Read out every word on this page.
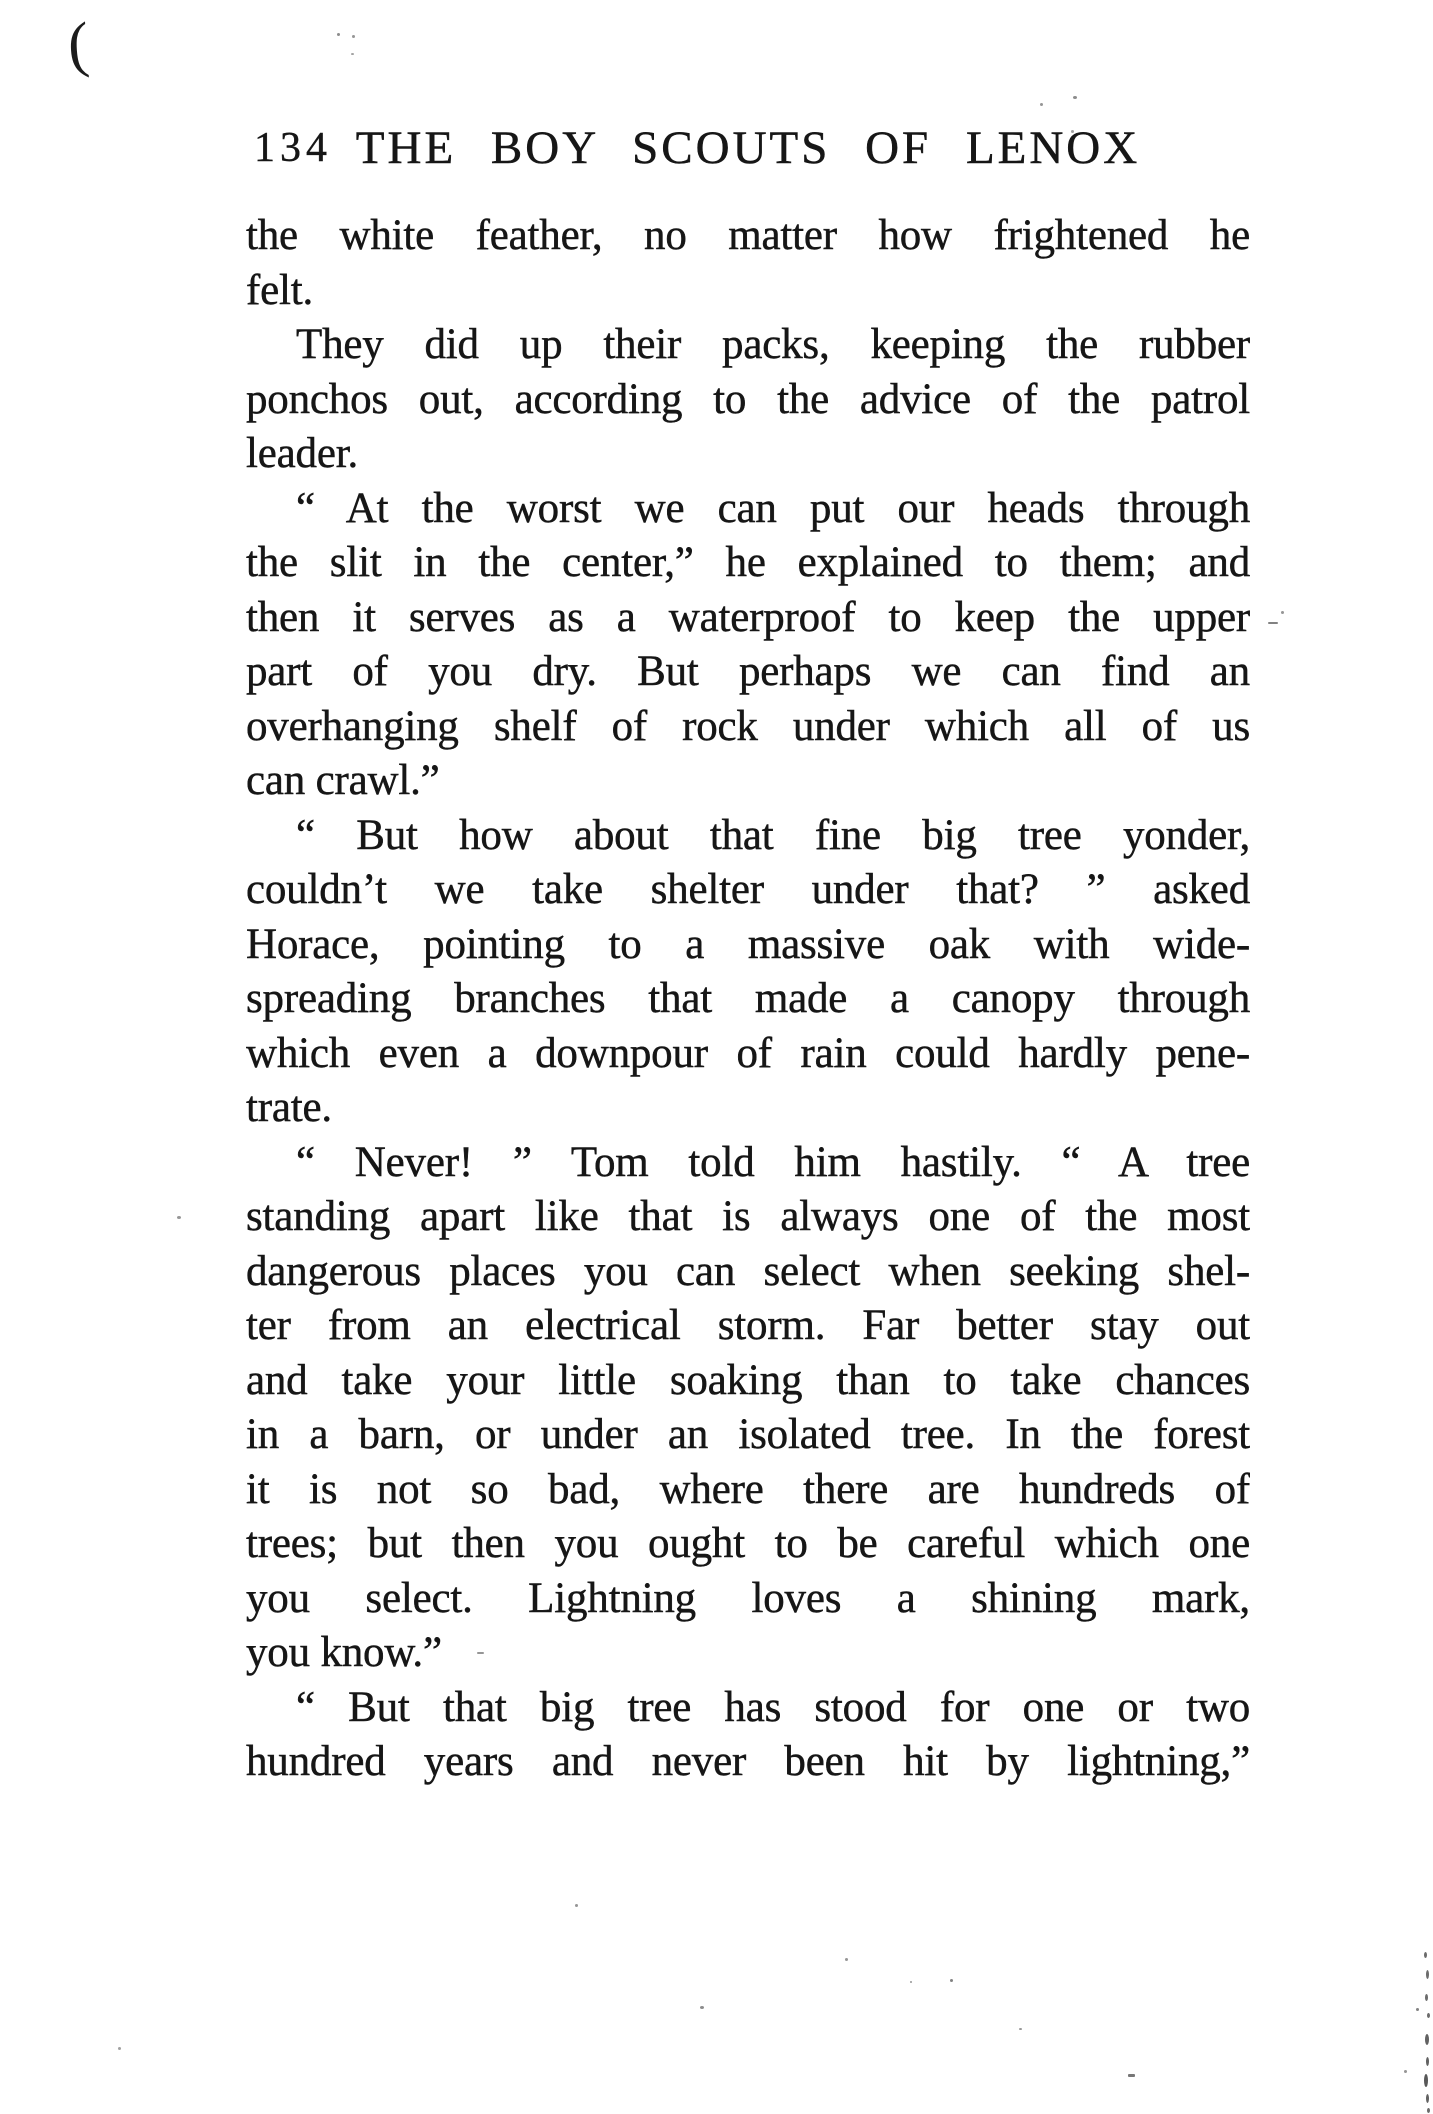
(
134 THE BOY SCOUTS OF LENOX
the white feather, no matter how frightened he
felt.
They did up their packs, keeping the rubber
ponchos out, according to the advice of the patrol
leader.
“ At the worst we can put our heads through
the slit in the center,” he explained to them; and
then it serves as a waterproof to keep the upper
part of you dry. But perhaps we can find an
overhanging shelf of rock under which all of us
can crawl.”
“ But how about that fine big tree yonder,
couldn’t we take shelter under that? ” asked
Horace, pointing to a massive oak with wide-
spreading branches that made a canopy through
which even a downpour of rain could hardly pene-
trate.
“ Never! ” Tom told him hastily. “ A tree
standing apart like that is always one of the most
dangerous places you can select when seeking shel-
ter from an electrical storm. Far better stay out
and take your little soaking than to take chances
in a barn, or under an isolated tree. In the forest
it is not so bad, where there are hundreds of
trees; but then you ought to be careful which one
you select. Lightning loves a shining mark,
you know.”
“ But that big tree has stood for one or two
hundred years and never been hit by lightning,”
